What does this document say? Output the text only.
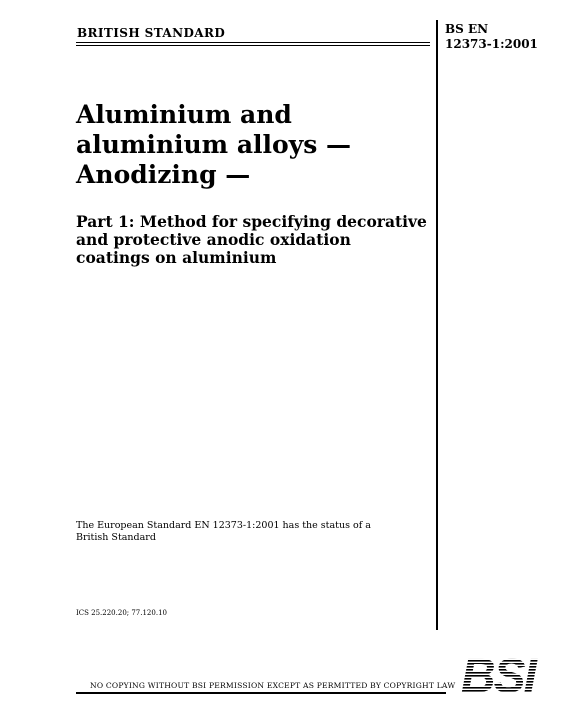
BRITISH STANDARD	BS EN
12373-1:2001
Aluminium and
aluminium alloys —
Anodizing —
Part 1: Method for specifying decorative
and protective anodic oxidation
coatings on aluminium
The European Standard EN 12373-1:2001 has the status of a
British Standard
ICS 25.220.20; 77.120.10
NO COPYING WITHOUT BSI PERMISSION EXCEPT AS PERMITTED BY COPYRIGHT LAW BSI
